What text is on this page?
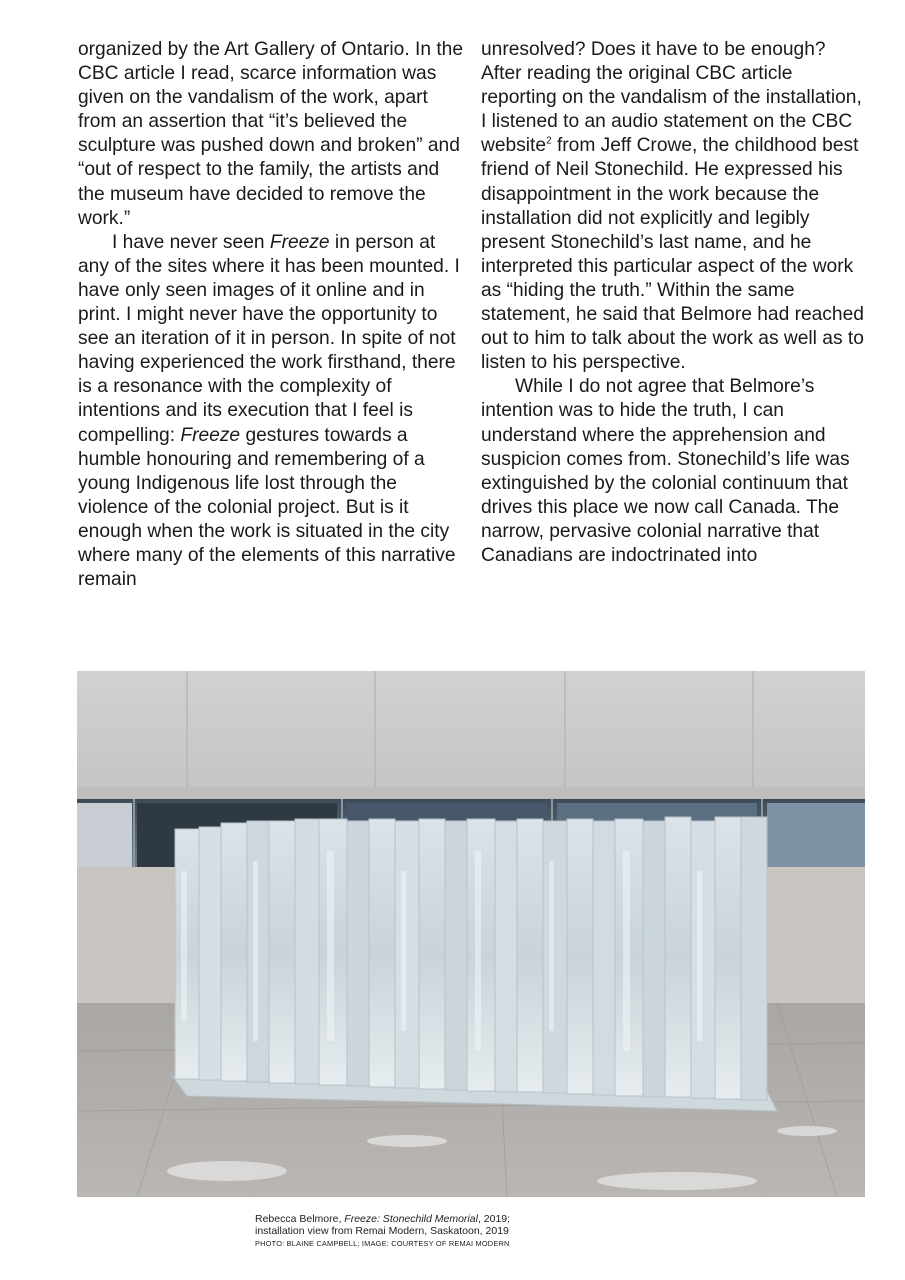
organized by the Art Gallery of Ontario. In the CBC article I read, scarce information was given on the vandalism of the work, apart from an assertion that “it’s believed the sculpture was pushed down and broken” and “out of respect to the family, the artists and the museum have decided to remove the work.”

I have never seen Freeze in person at any of the sites where it has been mounted. I have only seen images of it online and in print. I might never have the opportunity to see an iteration of it in person. In spite of not having experienced the work firsthand, there is a resonance with the complexity of intentions and its execution that I feel is compelling: Freeze gestures towards a humble honouring and remembering of a young Indigenous life lost through the violence of the colonial project. But is it enough when the work is situated in the city where many of the elements of this narrative remain

unresolved? Does it have to be enough? After reading the original CBC article reporting on the vandalism of the installation, I listened to an audio statement on the CBC website$^2$ from Jeff Crowe, the childhood best friend of Neil Stonechild. He expressed his disappointment in the work because the installation did not explicitly and legibly present Stonechild’s last name, and he interpreted this particular aspect of the work as “hiding the truth.” Within the same statement, he said that Belmore had reached out to him to talk about the work as well as to listen to his perspective.

While I do not agree that Belmore’s intention was to hide the truth, I can understand where the apprehension and suspicion comes from. Stonechild’s life was extinguished by the colonial continuum that drives this place we now call Canada. The narrow, pervasive colonial narrative that Canadians are indoctrinated into

Rebecca Belmore, Freeze: Stonechild Memorial, 2019;
installation view from Remai Modern, Saskatoon, 2019
PHOTO: BLAINE CAMPBELL; IMAGE: COURTESY OF REMAI MODERN
